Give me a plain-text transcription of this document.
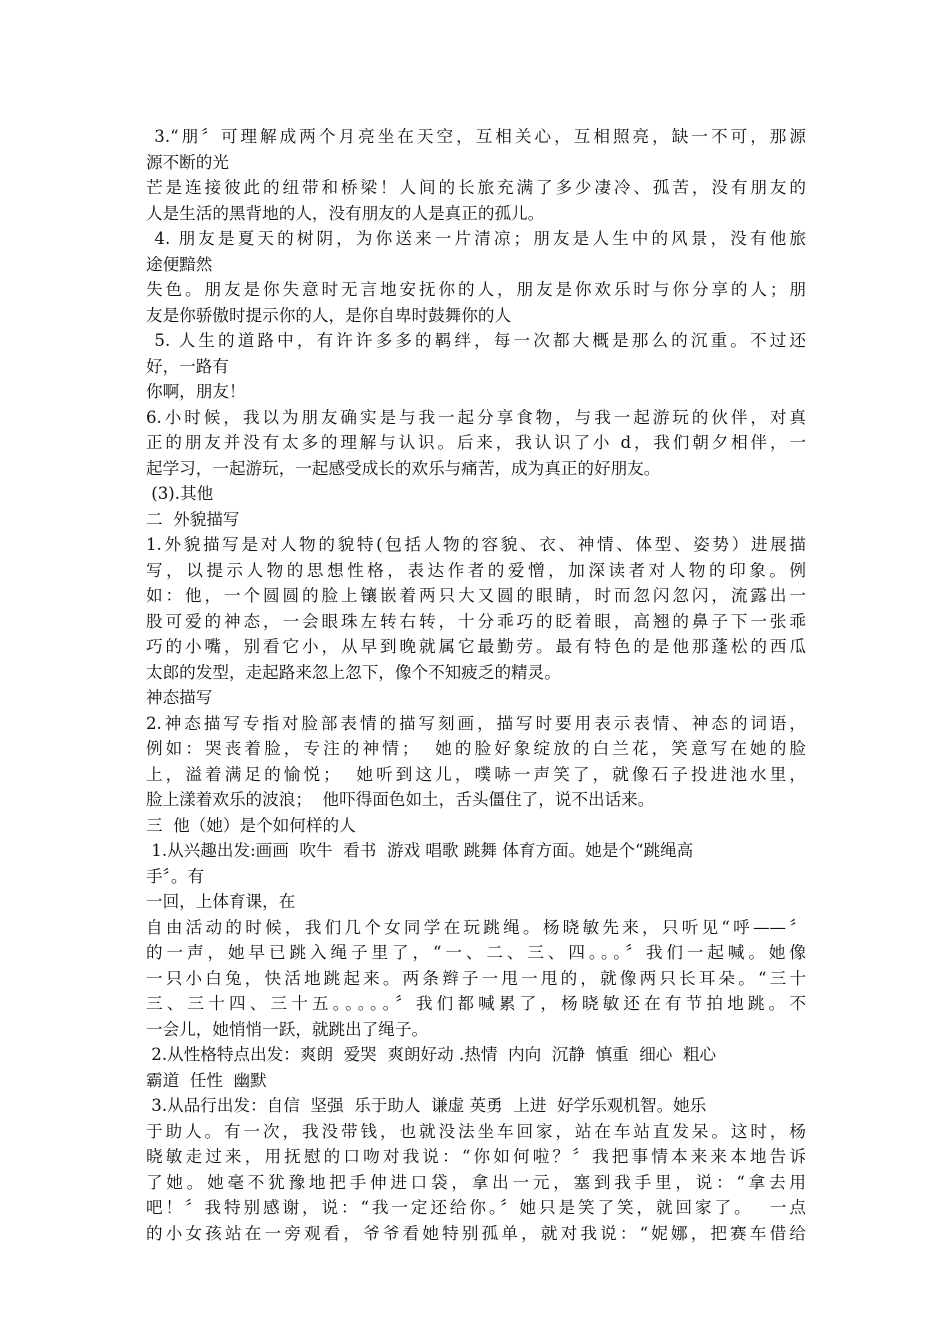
3.“朋〞可理解成两个月亮坐在天空，互相关心，互相照亮，缺一不可，那源
源不断的光
芒是连接彼此的纽带和桥梁！人间的长旅充满了多少凄冷、孤苦，没有朋友的
人是生活的黑背地的人，没有朋友的人是真正的孤儿。
4. 朋友是夏天的树阴，为你送来一片清凉；朋友是人生中的风景，没有他旅
途便黯然
失色。朋友是你失意时无言地安抚你的人，朋友是你欢乐时与你分享的人；朋
友是你骄傲时提示你的人，是你自卑时鼓舞你的人
5. 人生的道路中，有许许多多的羁绊，每一次都大概是那么的沉重。不过还
好，一路有
你啊，朋友！
6.小时候，我以为朋友确实是与我一起分享食物，与我一起游玩的伙伴，对真
正的朋友并没有太多的理解与认识。后来，我认识了小 d，我们朝夕相伴，一
起学习，一起游玩，一起感受成长的欢乐与痛苦，成为真正的好朋友。
(3).其他
二  外貌描写
1.外貌描写是对人物的貌特(包括人物的容貌、衣、神情、体型、姿势）进展描
写，以提示人物的思想性格，表达作者的爱憎，加深读者对人物的印象。例
如：他，一个圆圆的脸上镶嵌着两只大又圆的眼睛，时而忽闪忽闪，流露出一
股可爱的神态，一会眼珠左转右转，十分乖巧的眨着眼，高翘的鼻子下一张乖
巧的小嘴，别看它小，从早到晚就属它最勤劳。最有特色的是他那蓬松的西瓜
太郎的发型，走起路来忽上忽下，像个不知疲乏的精灵。
神态描写
2.神态描写专指对脸部表情的描写刻画，描写时要用表示表情、神态的词语，
例如：哭丧着脸，专注的神情；  她的脸好象绽放的白兰花，笑意写在她的脸
上，溢着满足的愉悦；  她听到这儿，噗哧一声笑了，就像石子投进池水里，
脸上漾着欢乐的波浪；  他吓得面色如土，舌头僵住了，说不出话来。
三  他（她）是个如何样的人
1.从兴趣出发:画画  吹牛  看书  游戏 唱歌 跳舞 体育方面。她是个“跳绳高
手〞。有
一回，上体育课，在
自由活动的时候，我们几个女同学在玩跳绳。杨晓敏先来，只听见“呼——〞
的一声，她早已跳入绳子里了，“一、二、三、四。。。〞我们一起喊。她像
一只小白兔，快活地跳起来。两条辫子一甩一甩的，就像两只长耳朵。“三十
三、三十四、三十五。。。。。〞我们都喊累了，杨晓敏还在有节拍地跳。不
一会儿，她悄悄一跃，就跳出了绳子。
2.从性格特点出发：爽朗  爱哭  爽朗好动 .热情  内向  沉静  慎重  细心  粗心
霸道  任性  幽默
3.从品行出发：自信  坚强  乐于助人  谦虚 英勇  上进  好学乐观机智。她乐
于助人。有一次，我没带钱，也就没法坐车回家，站在车站直发呆。这时，杨
晓敏走过来，用抚慰的口吻对我说：“你如何啦？〞我把事情本来来本地告诉
了她。她毫不犹豫地把手伸进口袋，拿出一元，塞到我手里，说：“拿去用
吧！〞我特别感谢，说：“我一定还给你。〞她只是笑了笑，就回家了。  一点
的小女孩站在一旁观看，爷爷看她特别孤单，就对我说：“妮娜，把赛车借给
